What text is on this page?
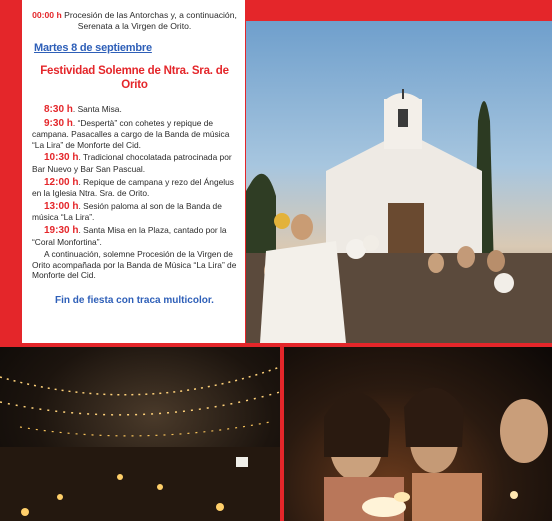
00:00 h Procesión de las Antorchas y, a continuación, Serenata a la Virgen de Orito.
Martes 8 de septiembre
Festividad Solemne de Ntra. Sra. de Orito
8:30 h. Santa Misa.
9:30 h. “Despertà” con cohetes y repique de campana. Pasacalles a cargo de la Banda de música “La Lira” de Monforte del Cid.
10:30 h. Tradicional chocolatada patrocinada por Bar Nuevo y Bar San Pascual.
12:00 h. Repique de campana y rezo del Ángelus en la Iglesia Ntra. Sra. de Orito.
13:00 h. Sesión paloma al son de la Banda de música “La Lira”.
19:30 h. Santa Misa en la Plaza, cantado por la “Coral Monfortina”.
A continuación, solemne Procesión de la Virgen de Orito acompañada por la Banda de Música “La Lira” de Monforte del Cid.
Fin de fiesta con traca multicolor.
